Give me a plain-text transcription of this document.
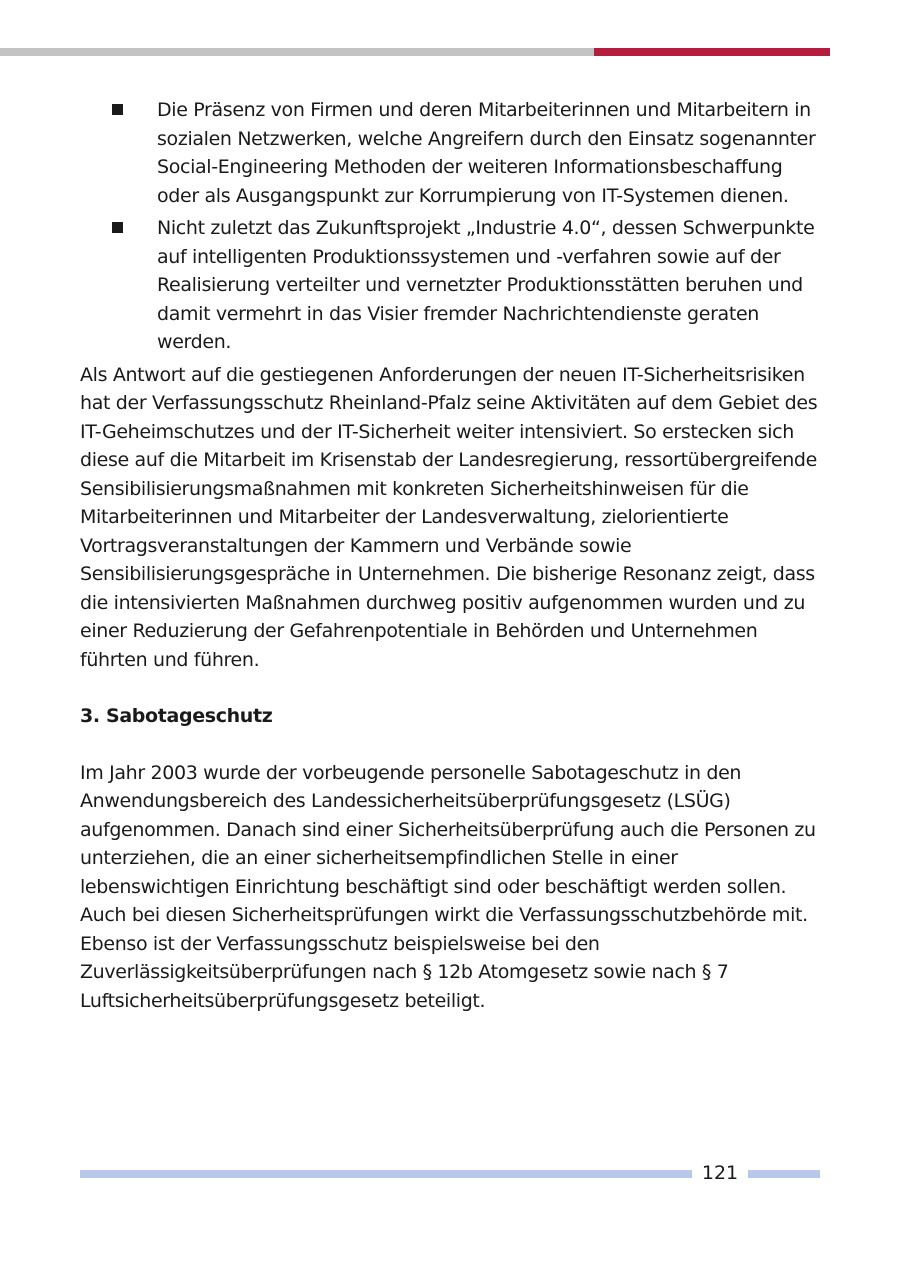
Die Präsenz von Firmen und deren Mitarbeiterinnen und Mitarbeitern in sozialen Netzwerken, welche Angreifern durch den Einsatz sogenannter Social-Engineering Methoden der weiteren Informationsbeschaffung oder als Ausgangspunkt zur Korrumpierung von IT-Systemen dienen.
Nicht zuletzt das Zukunftsprojekt „Industrie 4.0“, dessen Schwerpunkte auf intelligenten Produktionssystemen und -verfahren sowie auf der Realisierung verteilter und vernetzter Produktionsstätten beruhen und damit vermehrt in das Visier fremder Nachrichtendienste geraten werden.

Als Antwort auf die gestiegenen Anforderungen der neuen IT-Sicherheitsrisiken hat der Verfassungsschutz Rheinland-Pfalz seine Aktivitäten auf dem Gebiet des IT-Geheimschutzes und der IT-Sicherheit weiter intensiviert. So erstecken sich diese auf die Mitarbeit im Krisenstab der Landesregierung, ressortübergreifende Sensibilisierungsmaßnahmen mit konkreten Sicherheitshinweisen für die Mitarbeiterinnen und Mitarbeiter der Landesverwaltung, zielorientierte Vortragsveranstaltungen der Kammern und Verbände sowie Sensibilisierungsgespräche in Unternehmen. Die bisherige Resonanz zeigt, dass die intensivierten Maßnahmen durchweg positiv aufgenommen wurden und zu einer Reduzierung der Gefahrenpotentiale in Behörden und Unternehmen führten und führen.

3. Sabotageschutz

Im Jahr 2003 wurde der vorbeugende personelle Sabotageschutz in den Anwendungsbereich des Landessicherheitsüberprüfungsgesetz (LSÜG) aufgenommen. Danach sind einer Sicherheitsüberprüfung auch die Personen zu unterziehen, die an einer sicherheitsempfindlichen Stelle in einer lebenswichtigen Einrichtung beschäftigt sind oder beschäftigt werden sollen. Auch bei diesen Sicherheitsprüfungen wirkt die Verfassungsschutzbehörde mit. Ebenso ist der Verfassungsschutz beispielsweise bei den Zuverlässigkeitsüberprüfungen nach § 12b Atomgesetz sowie nach § 7 Luftsicherheitsüberprüfungsgesetz beteiligt.

121
